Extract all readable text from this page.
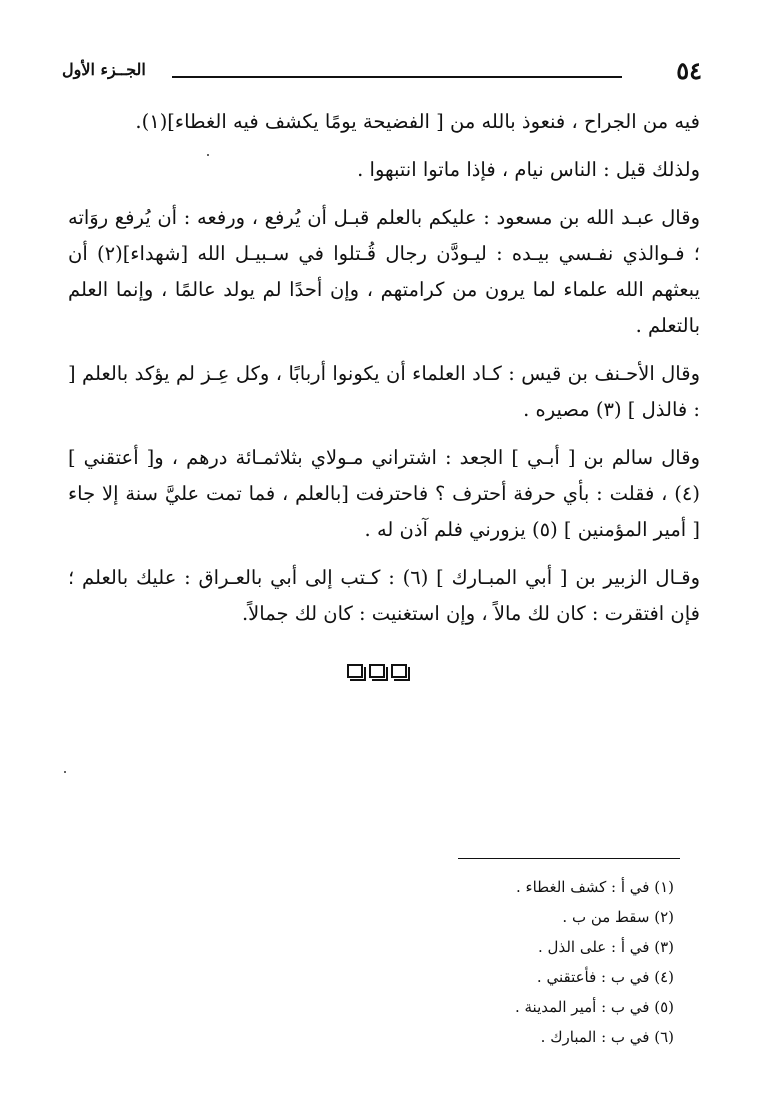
٥٤
الجــزء الأول

فيه من الجراح ، فنعوذ بالله من [ الفضيحة يومًا يكشف فيه الغطاء](١).

ولذلك قيل : الناس نيام ، فإذا ماتوا انتبهوا .

وقال عبـد الله بن مسعود : عليكم بالعلم قبـل أن يُرفع ، ورفعه : أن يُرفع روَاته ؛ فـوالذي نفـسي بيـده : ليـودَّن رجال قُـتلوا في سـبيـل الله [شهداء](٢) أن يبعثهم الله علماء لما يرون من كرامتهم ، وإن أحدًا لم يولد عالمًا ، وإنما العلم بالتعلم .

وقال الأحـنف بن قيس : كـاد العلماء أن يكونوا أربابًا ، وكل عِـز لم يؤكد بالعلم [ : فالذل ] (٣) مصيره .

وقال سالم بن [ أبـي ] الجعد : اشتراني مـولاي بثلاثمـائة درهم ، و[ أعتقني ] (٤) ، فقلت : بأي حرفة أحترف ؟ فاحترفت [بالعلم ، فما تمت عليَّ سنة إلا جاء [ أمير المؤمنين ] (٥) يزورني فلم آذن له .

وقـال الزبير بن [ أبي المبـارك ] (٦) : كـتب إلى أبي بالعـراق : عليك بالعلم ؛ فإن افتقرت : كان لك مالاً ، وإن استغنيت : كان لك جمالاً.

(١) في أ : كشف الغطاء .
(٢) سقط من ب .
(٣) في أ : على الذل .
(٤) في ب : فأعتقني .
(٥) في ب : أمير المدينة .
(٦) في ب : المبارك .
